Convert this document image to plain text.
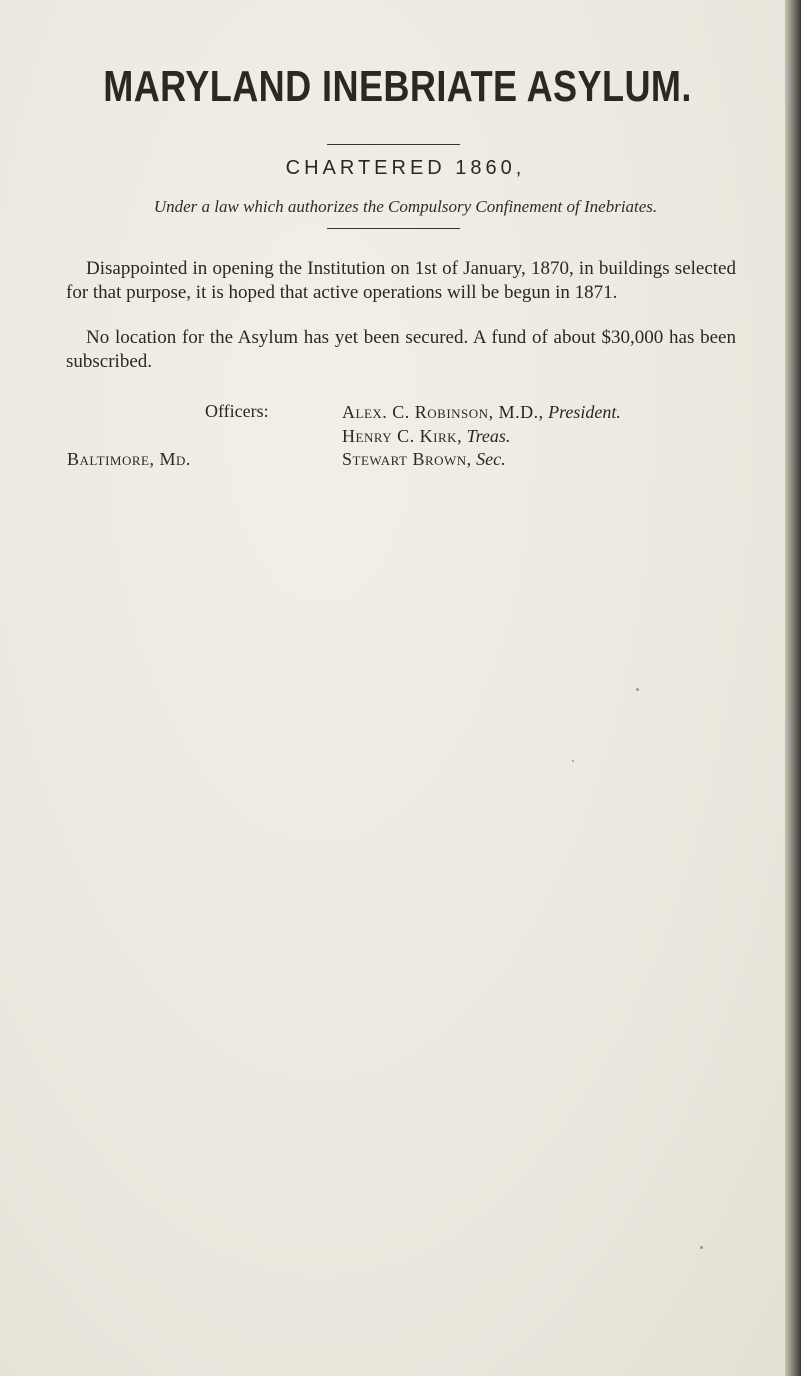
MARYLAND INEBRIATE ASYLUM.
CHARTERED 1860,
Under a law which authorizes the Compulsory Confinement of Inebriates.

Disappointed in opening the Institution on 1st of January, 1870, in buildings selected for that purpose, it is hoped that active operations will be begun in 1871.

No location for the Asylum has yet been secured. A fund of about $30,000 has been subscribed.

Officers:
Baltimore, Md.
Alex. C. Robinson, M.D., President.
Henry C. Kirk, Treas.
Stewart Brown, Sec.
